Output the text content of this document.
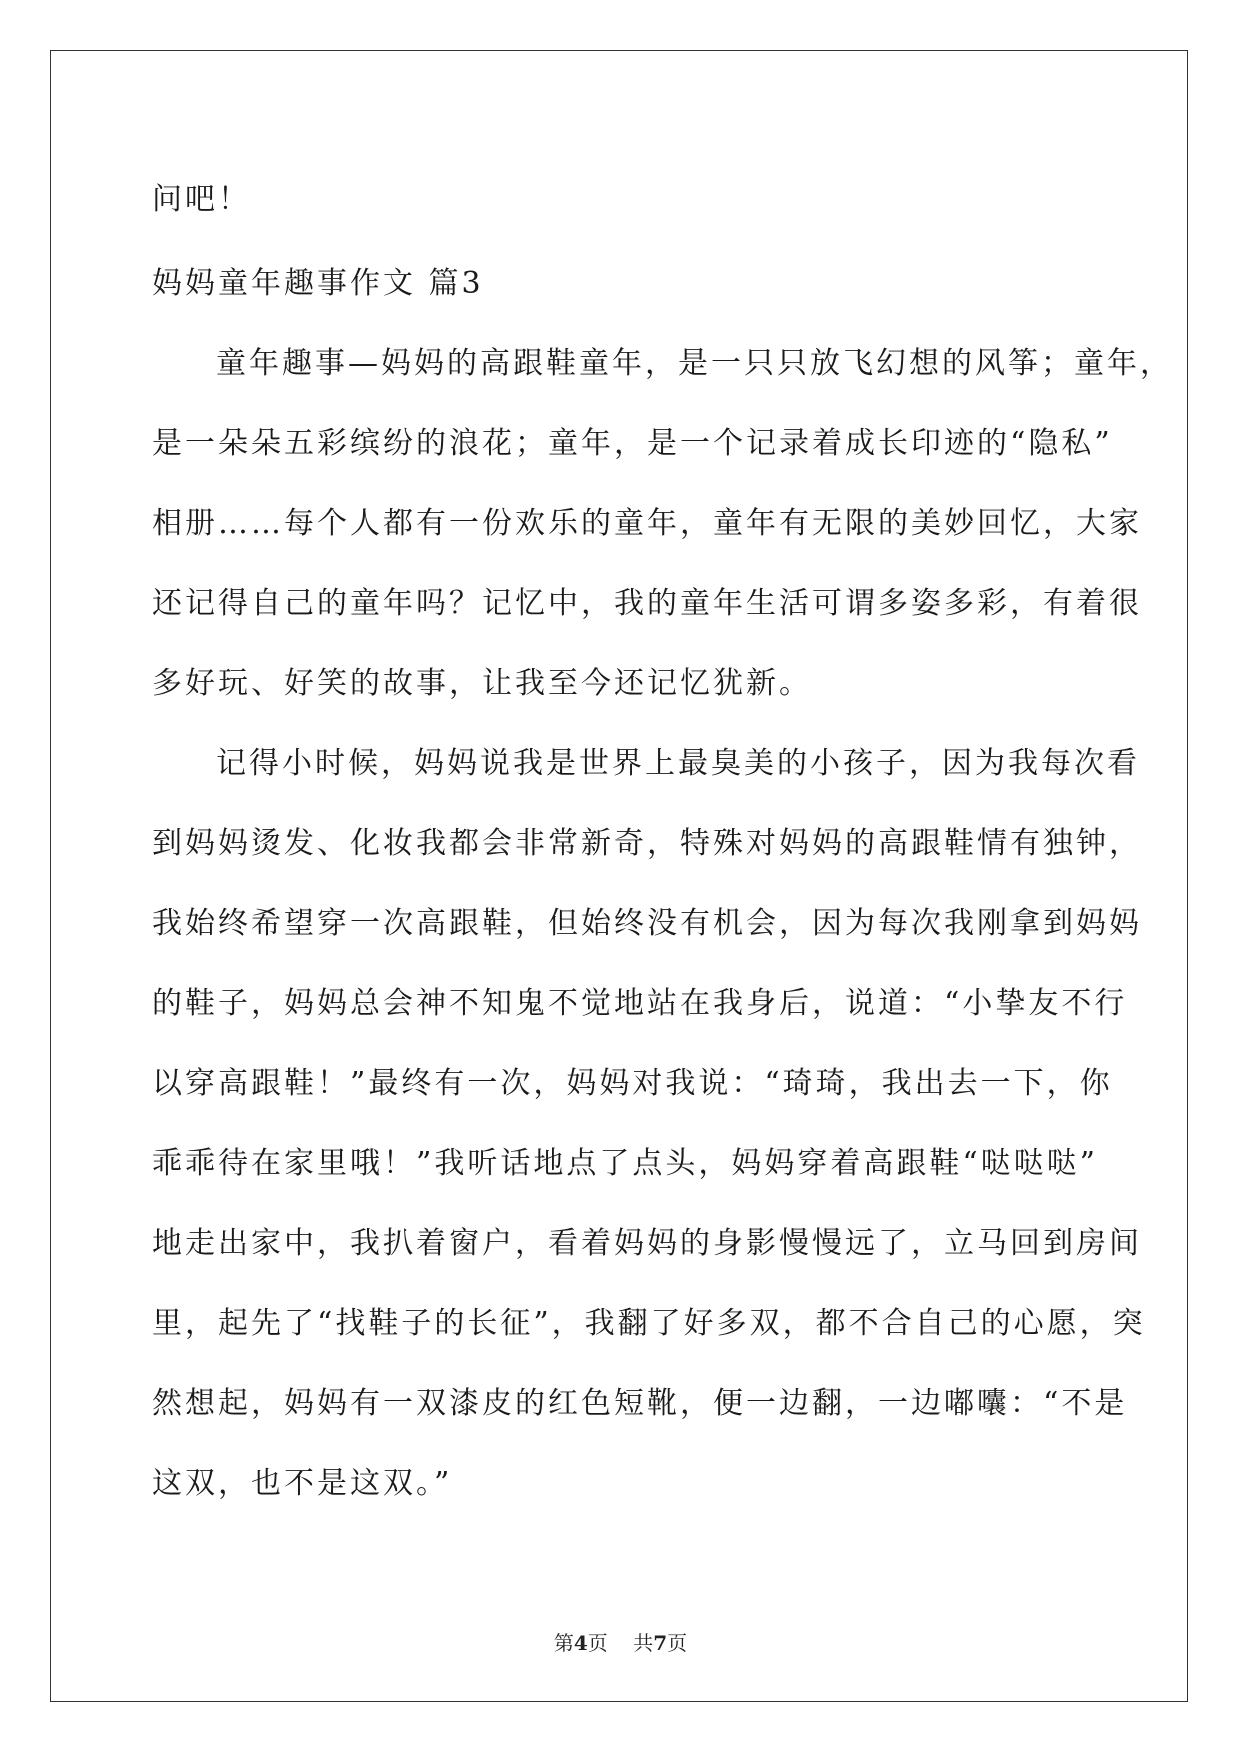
问吧！
妈妈童年趣事作文 篇3
童年趣事—妈妈的高跟鞋童年，是一只只放飞幻想的风筝；童年，
是一朵朵五彩缤纷的浪花；童年，是一个记录着成长印迹的“隐私”
相册……每个人都有一份欢乐的童年，童年有无限的美妙回忆，大家
还记得自己的童年吗？记忆中，我的童年生活可谓多姿多彩，有着很
多好玩、好笑的故事，让我至今还记忆犹新。
记得小时候，妈妈说我是世界上最臭美的小孩子，因为我每次看
到妈妈烫发、化妆我都会非常新奇，特殊对妈妈的高跟鞋情有独钟，
我始终希望穿一次高跟鞋，但始终没有机会，因为每次我刚拿到妈妈
的鞋子，妈妈总会神不知鬼不觉地站在我身后，说道：“小挚友不行
以穿高跟鞋！”最终有一次，妈妈对我说：“琦琦，我出去一下，你
乖乖待在家里哦！”我听话地点了点头，妈妈穿着高跟鞋“哒哒哒”
地走出家中，我扒着窗户，看着妈妈的身影慢慢远了，立马回到房间
里，起先了“找鞋子的长征”，我翻了好多双，都不合自己的心愿，突
然想起，妈妈有一双漆皮的红色短靴，便一边翻，一边嘟囔：“不是
这双，也不是这双。”
第4页 共7页
